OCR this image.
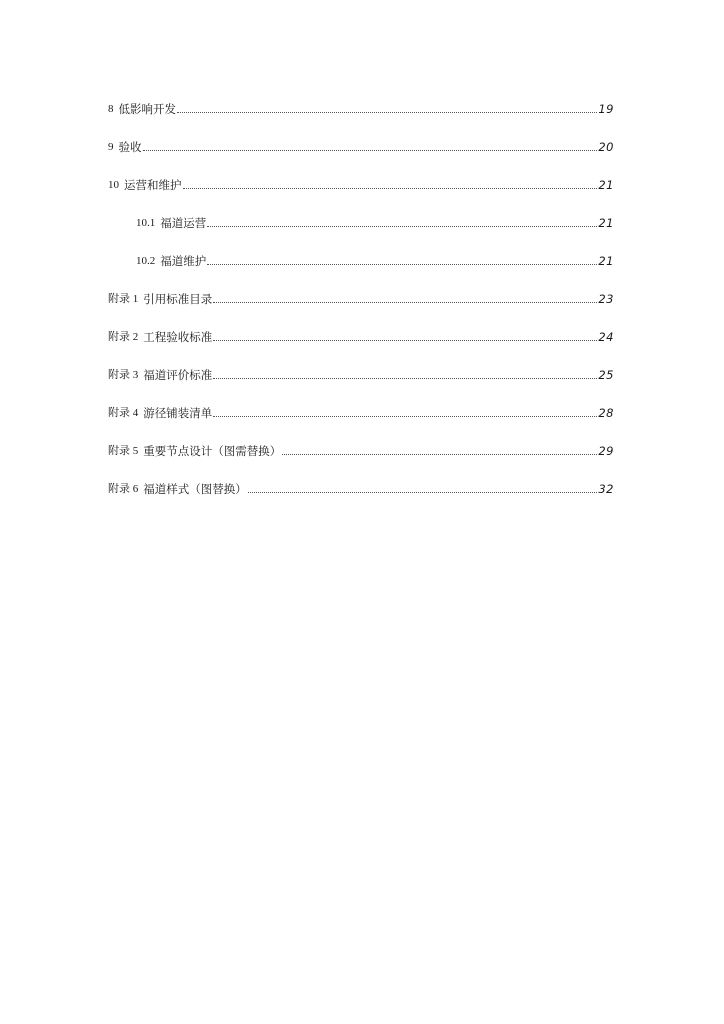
8 低影响开发	19
9 验收	20
10 运营和维护	21
10.1 福道运营	21
10.2 福道维护	21
附录 1 引用标准目录	23
附录 2 工程验收标准	24
附录 3 福道评价标准	25
附录 4 游径铺装清单	28
附录 5 重要节点设计（图需替换）	29
附录 6 福道样式（图替换）	32
